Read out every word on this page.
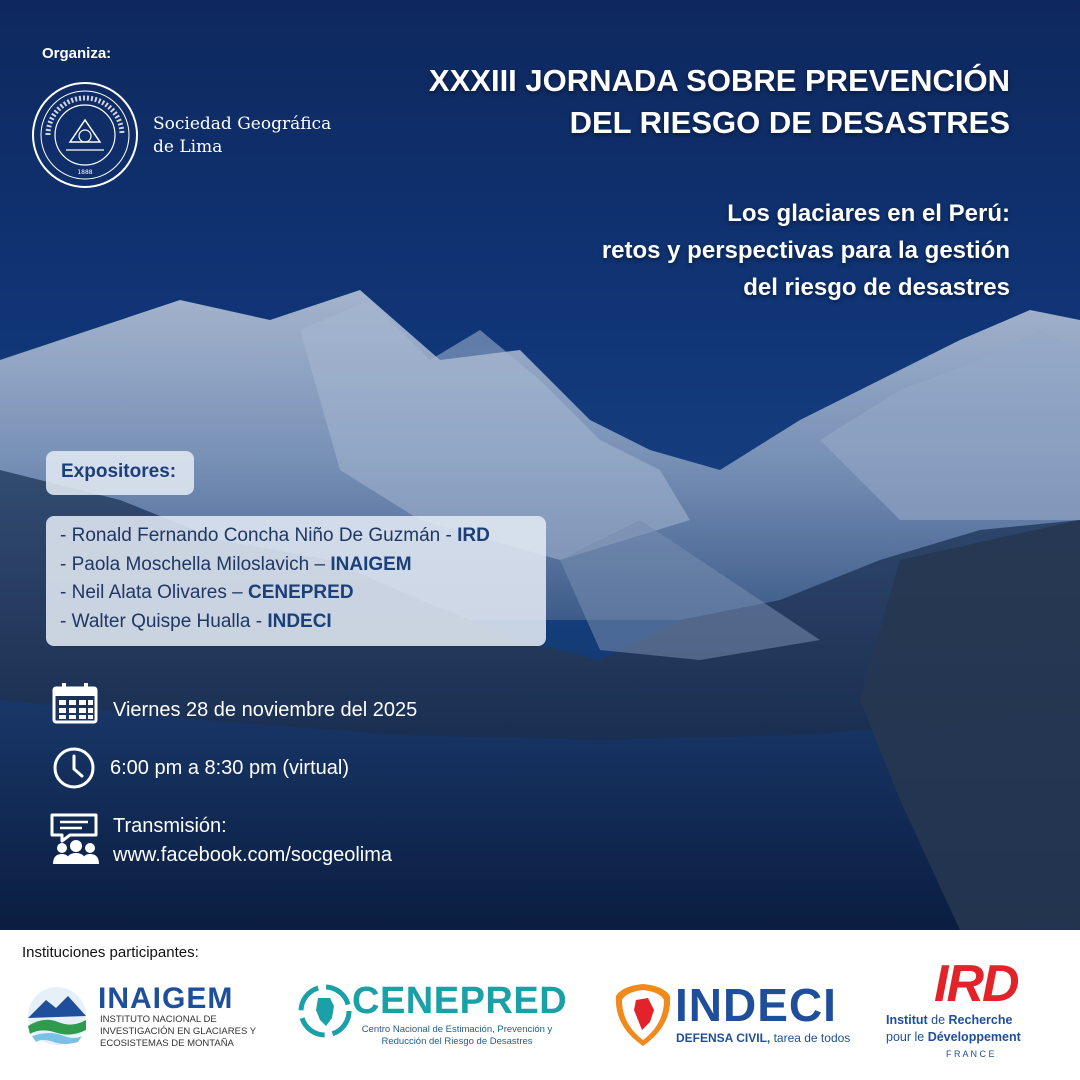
Organiza:
1888
Sociedad Geográfica
de Lima
XXXIII JORNADA SOBRE PREVENCIÓN
DEL RIESGO DE DESASTRES
Los glaciares en el Perú:
retos y perspectivas para la gestión
del riesgo de desastres
Expositores:
- Ronald Fernando Concha Niño De Guzmán - IRD
- Paola Moschella Miloslavich – INAIGEM
- Neil Alata Olivares – CENEPRED
- Walter Quispe Hualla - INDECI
Viernes 28 de noviembre del 2025
6:00 pm a 8:30 pm (virtual)
Transmisión:
www.facebook.com/socgeolima
Instituciones participantes:
INAIGEM
INSTITUTO NACIONAL DE
INVESTIGACIÓN EN GLACIARES Y
ECOSISTEMAS DE MONTAÑA
CENEPRED
Centro Nacional de Estimación, Prevención y
Reducción del Riesgo de Desastres
INDECI
DEFENSA CIVIL, tarea de todos
IRD
Institut de Recherche
pour le Développement
F R A N C E
